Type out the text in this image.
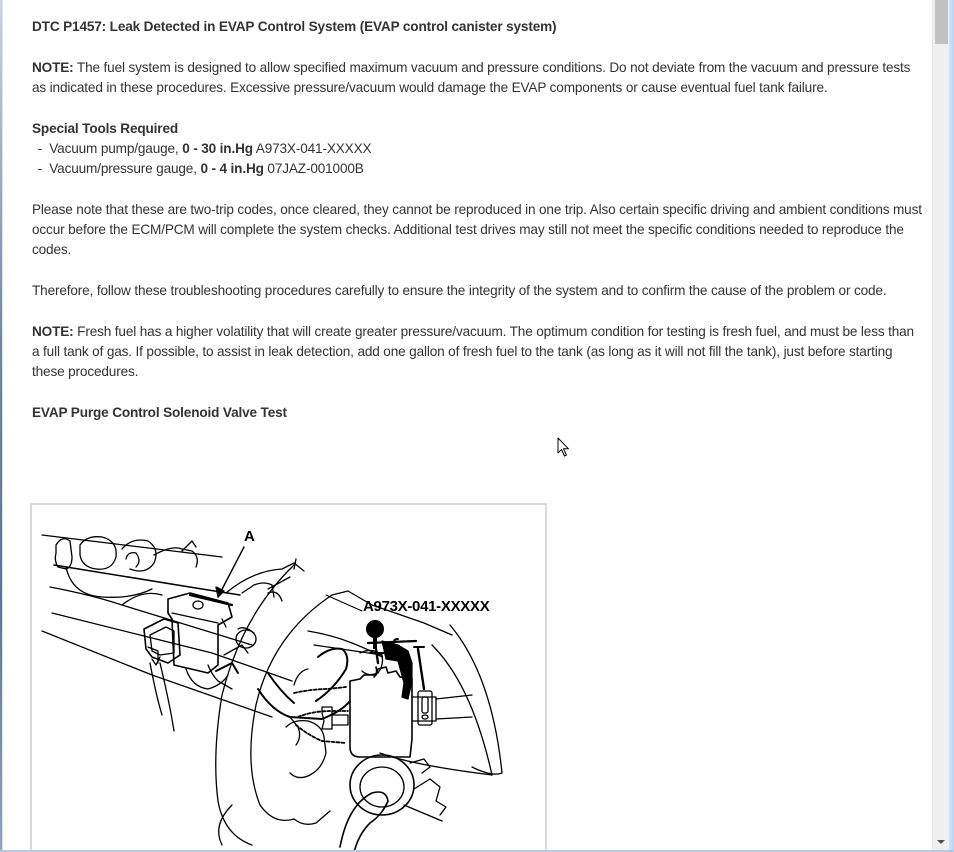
DTC P1457: Leak Detected in EVAP Control System (EVAP control canister system)

NOTE: The fuel system is designed to allow specified maximum vacuum and pressure conditions. Do not deviate from the vacuum and pressure tests as indicated in these procedures. Excessive pressure/vacuum would damage the EVAP components or cause eventual fuel tank failure.

Special Tools Required

-  Vacuum pump/gauge, 0 - 30 in.Hg A973X-041-XXXXX

-  Vacuum/pressure gauge, 0 - 4 in.Hg 07JAZ-001000B

Please note that these are two-trip codes, once cleared, they cannot be reproduced in one trip. Also certain specific driving and ambient conditions must occur before the ECM/PCM will complete the system checks. Additional test drives may still not meet the specific conditions needed to reproduce the codes.

Therefore, follow these troubleshooting procedures carefully to ensure the integrity of the system and to confirm the cause of the problem or code.

NOTE: Fresh fuel has a higher volatility that will create greater pressure/vacuum. The optimum condition for testing is fresh fuel, and must be less than a full tank of gas. If possible, to assist in leak detection, add one gallon of fresh fuel to the tank (as long as it will not fill the tank), just before starting these procedures.

EVAP Purge Control Solenoid Valve Test

A
A973X-041-XXXXX
